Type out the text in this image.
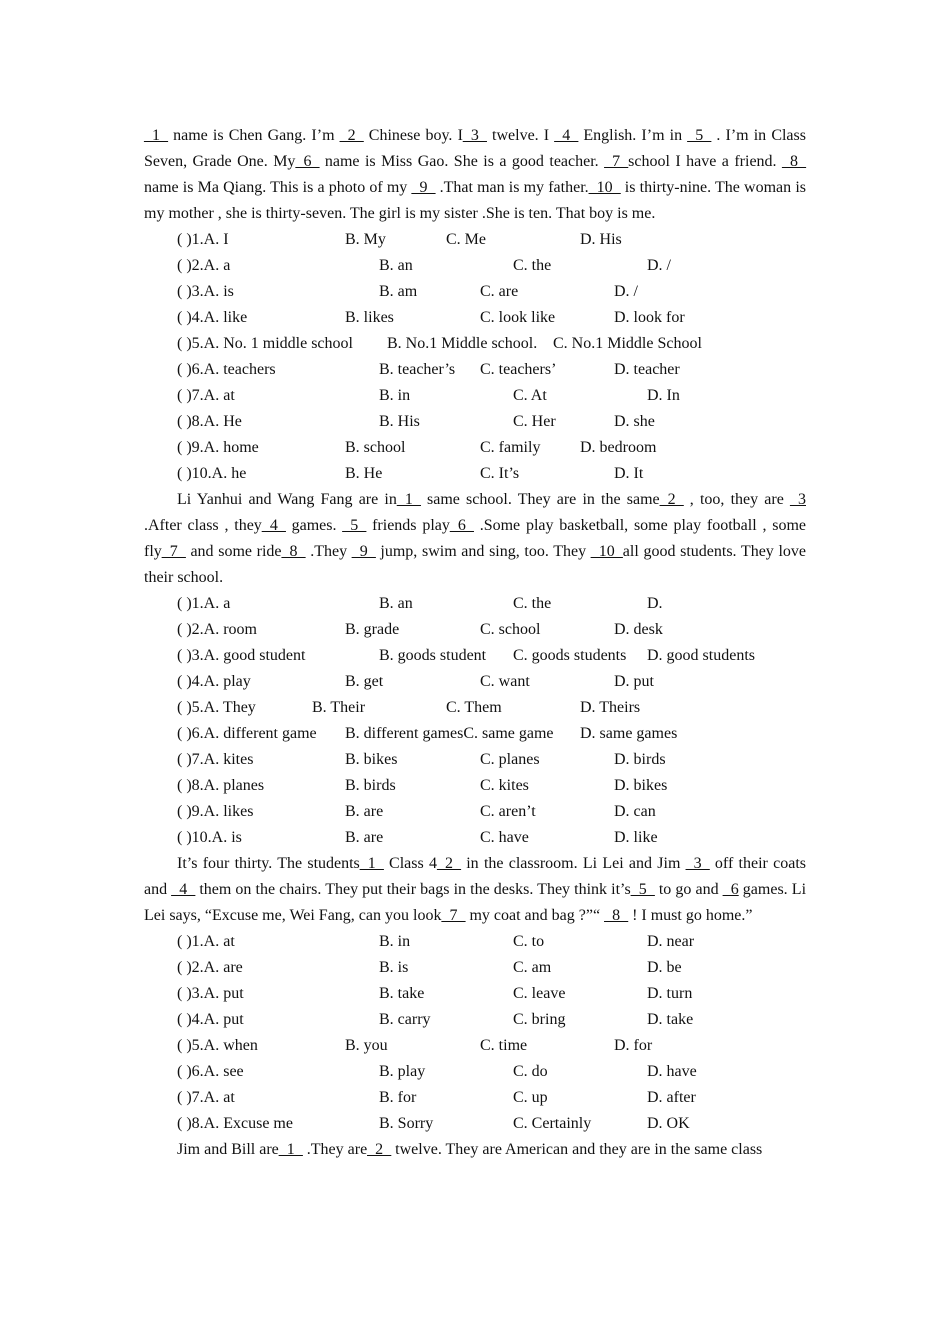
_1_ name is Chen Gang. I’m _2_ Chinese boy. I_3_ twelve. I _4_ English. I’m in _5_ . I’m in Class Seven, Grade One. My_6_ name is Miss Gao. She is a good teacher. _7_school I have a friend. _8_ name is Ma Qiang. This is a photo of my _9_ .That man is my father._10_ is thirty-nine. The woman is my mother , she is thirty-seven. The girl is my sister .She is ten. That boy is me.
( )1.A. I	B. My	C. Me	D. His
( )2.A. a	B. an	C. the	D. /
( )3.A. is	B. am	C. are	D. /
( )4.A. like	B. likes	C. look like	D. look for
( )5.A. No. 1 middle school B. No.1 Middle school. C. No.1 Middle School
( )6.A. teachers	B. teacher’s C. teachers’	D. teacher
( )7.A. at	B. in	C. At	D. In
( )8.A. He	B. His	C. Her	D. she
( )9.A. home	B. school	C. family D. bedroom
( )10.A. he	B. He	C. It’s	D. It
Li Yanhui and Wang Fang are in_1_ same school. They are in the same_2_ , too, they are _3 .After class , they_4_ games. _5_ friends play_6_ .Some play basketball, some play football , some fly_7_ and some ride_8_ .They _9_ jump, swim and sing, too. They _10_all good students. They love their school.
( )1.A. a	B. an	C. the	D.
( )2.A. room	B. grade	C. school	D. desk
( )3.A. good student	B. goods student C. goods students D. good students
( )4.A. play	B. get	C. want	D. put
( )5.A. They	B. Their	C. Them	D. Theirs
( )6.A. different game B. different gamesC. same game D. same games
( )7.A. kites	B. bikes	C. planes	D. birds
( )8.A. planes	B. birds	C. kites	D. bikes
( )9.A. likes	B. are	C. aren’t	D. can
( )10.A. is	B. are	C. have	D. like
It’s four thirty. The students_1_ Class 4_2_ in the classroom. Li Lei and Jim _3_ off their coats and _4_ them on the chairs. They put their bags in the desks. They think it’s_5_ to go and _6 games. Li Lei says, “Excuse me, Wei Fang, can you look_7_ my coat and bag ?”“ _8_ ! I must go home.”
( )1.A. at	B. in	C. to	D. near
( )2.A. are	B. is	C. am	D. be
( )3.A. put	B. take	C. leave	D. turn
( )4.A. put	B. carry	C. bring	D. take
( )5.A. when	B. you	C. time	D. for
( )6.A. see	B. play	C. do	D. have
( )7.A. at	B. for	C. up	D. after
( )8.A. Excuse me	B. Sorry	C. Certainly	D. OK
Jim and Bill are_1_ .They are_2_ twelve. They are American and they are in the same class
